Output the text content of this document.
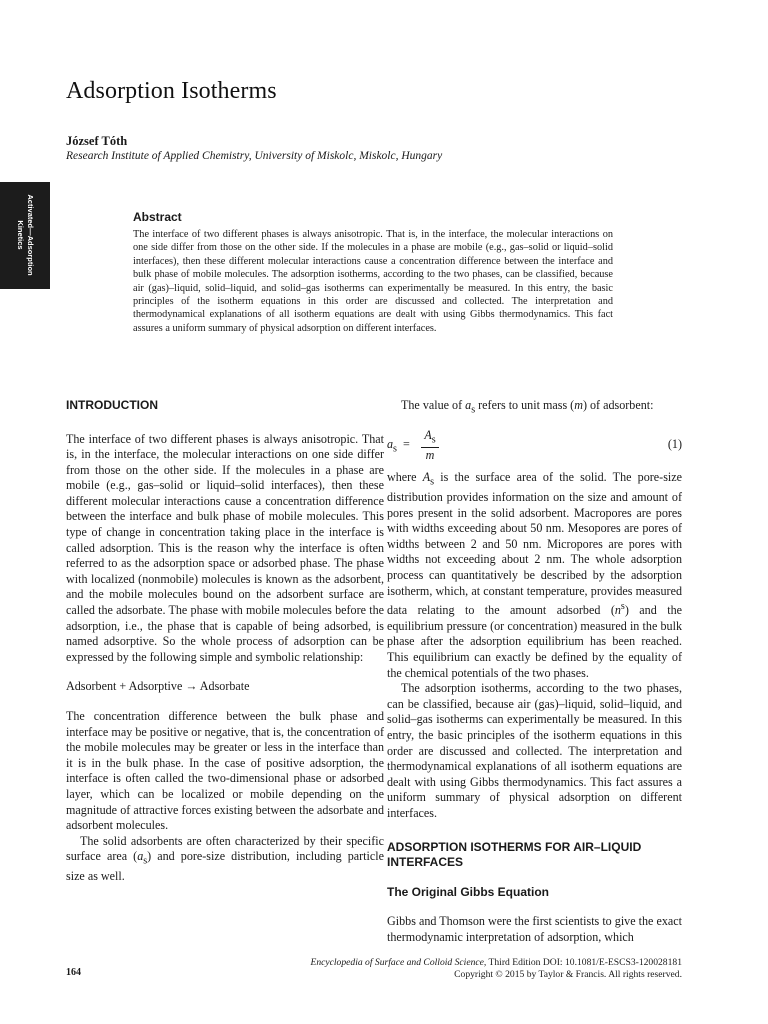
Adsorption Isotherms
József Tóth
Research Institute of Applied Chemistry, University of Miskolc, Miskolc, Hungary
Activated—Adsorption
Kinetics
Abstract

The interface of two different phases is always anisotropic. That is, in the interface, the molecular interactions on one side differ from those on the other side. If the molecules in a phase are mobile (e.g., gas–solid or liquid–solid interfaces), then these different molecular interactions cause a concentration difference between the interface and bulk phase of mobile molecules. The adsorption isotherms, according to the two phases, can be classified, because air (gas)–liquid, solid–liquid, and solid–gas isotherms can experimentally be measured. In this entry, the basic principles of the isotherm equations in this order are discussed and collected. The interpretation and thermodynamical explanations of all isotherm equations are dealt with using Gibbs thermodynamics. This fact assures a uniform summary of physical adsorption on different interfaces.

INTRODUCTION

The interface of two different phases is always anisotropic. That is, in the interface, the molecular interactions on one side differ from those on the other side. If the molecules in a phase are mobile (e.g., gas–solid or liquid–solid interfaces), then these different molecular interactions cause a concentration difference between the interface and bulk phase of mobile molecules. This type of change in concentration taking place in the interface is called adsorption. This is the reason why the interface is often referred to as the adsorption space or adsorbed phase. The phase with localized (nonmobile) molecules is known as the adsorbent, and the mobile molecules bound on the adsorbent surface are called the adsorbate. The phase with mobile molecules before the adsorption, i.e., the phase that is capable of being adsorbed, is named adsorptive. So the whole process of adsorption can be expressed by the following simple and symbolic relationship:

Adsorbent + Adsorptive → Adsorbate

The concentration difference between the bulk phase and interface may be positive or negative, that is, the concentration of the mobile molecules may be greater or less in the interface than it is in the bulk phase. In the case of positive adsorption, the interface is often called the two-dimensional phase or adsorbed layer, which can be localized or mobile depending on the magnitude of attractive forces existing between the adsorbate and adsorbent molecules.

The solid adsorbents are often characterized by their specific surface area $(a_s)$ and pore-size distribution, including particle size as well.

The value of $a_s$ refers to unit mass (m) of adsorbent:

$a_s = \frac{A_s}{m}$	(1)

where $A_s$ is the surface area of the solid. The pore-size distribution provides information on the size and amount of pores present in the solid adsorbent. Macropores are pores with widths exceeding about 50 nm. Mesopores are pores of widths between 2 and 50 nm. Micropores are pores with widths not exceeding about 2 nm. The whole adsorption process can quantitatively be described by the adsorption isotherm, which, at constant temperature, provides measured data relating to the amount adsorbed $(n^s)$ and the equilibrium pressure (or concentration) measured in the bulk phase after the adsorption equilibrium has been reached. This equilibrium can exactly be defined by the equality of the chemical potentials of the two phases.

The adsorption isotherms, according to the two phases, can be classified, because air (gas)–liquid, solid–liquid, and solid–gas isotherms can experimentally be measured. In this entry, the basic principles of the isotherm equations in this order are discussed and collected. The interpretation and thermodynamical explanations of all isotherm equations are dealt with using Gibbs thermodynamics. This fact assures a uniform summary of physical adsorption on different interfaces.

ADSORPTION ISOTHERMS FOR AIR–LIQUID INTERFACES
The Original Gibbs Equation

Gibbs and Thomson were the first scientists to give the exact thermodynamic interpretation of adsorption, which

164
Encyclopedia of Surface and Colloid Science, Third Edition DOI: 10.1081/E-ESCS3-120028181
Copyright © 2015 by Taylor & Francis. All rights reserved.
